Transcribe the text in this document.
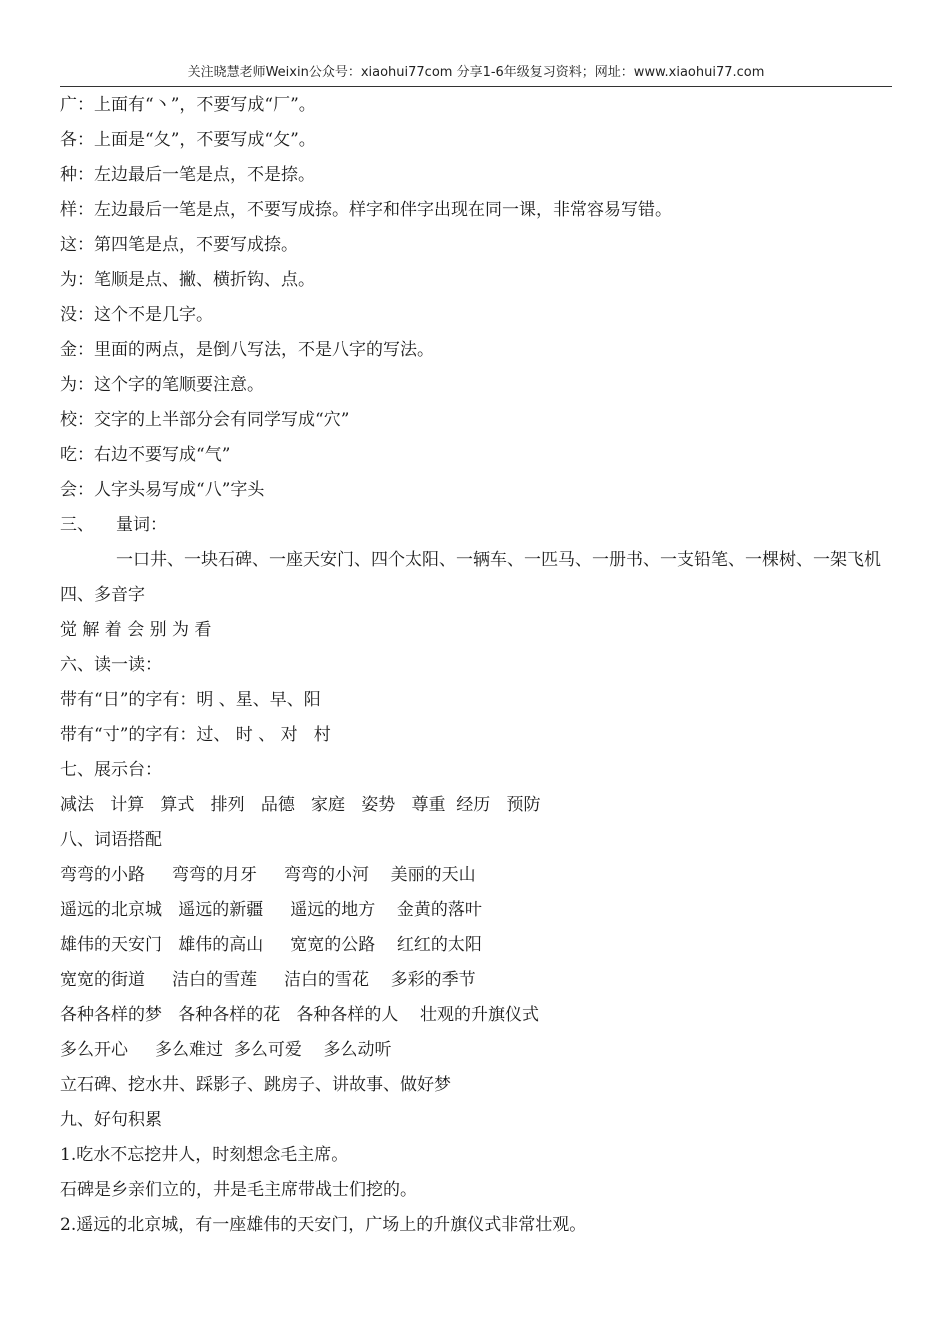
关注晓慧老师Weixin公众号：xiaohui77com 分享1-6年级复习资料；网址：www.xiaohui77.com
广：上面有“丶”，不要写成“厂”。
各：上面是“夂”，不要写成“攵”。
种：左边最后一笔是点，不是捺。
样：左边最后一笔是点，不要写成捺。样字和伴字出现在同一课，非常容易写错。
这：第四笔是点，不要写成捺。
为：笔顺是点、撇、横折钩、点。
没：这个不是几字。
金：里面的两点，是倒八写法，不是八字的写法。
为：这个字的笔顺要注意。
校：交字的上半部分会有同学写成“穴”
吃：右边不要写成“气”
会：人字头易写成“八”字头
三、 量词：
一口井、一块石碑、一座天安门、四个太阳、一辆车、一匹马、一册书、一支铅笔、一棵树、一架飞机
四、多音字
觉 解 着 会 别 为 看
六、读一读：
带有“日”的字有：明 、星、早、阳
带有“寸”的字有：过、 时 、 对   村
七、展示台：
减法   计算   算式   排列   品德   家庭   姿势   尊重  经历   预防
八、词语搭配
弯弯的小路     弯弯的月牙     弯弯的小河    美丽的天山
遥远的北京城   遥远的新疆     遥远的地方    金黄的落叶
雄伟的天安门   雄伟的高山     宽宽的公路    红红的太阳
宽宽的街道     洁白的雪莲     洁白的雪花    多彩的季节
各种各样的梦   各种各样的花   各种各样的人    壮观的升旗仪式
多么开心     多么难过  多么可爱    多么动听
立石碑、挖水井、踩影子、跳房子、讲故事、做好梦
九、好句积累
1.吃水不忘挖井人，时刻想念毛主席。
石碑是乡亲们立的，井是毛主席带战士们挖的。
2.遥远的北京城，有一座雄伟的天安门，广场上的升旗仪式非常壮观。
